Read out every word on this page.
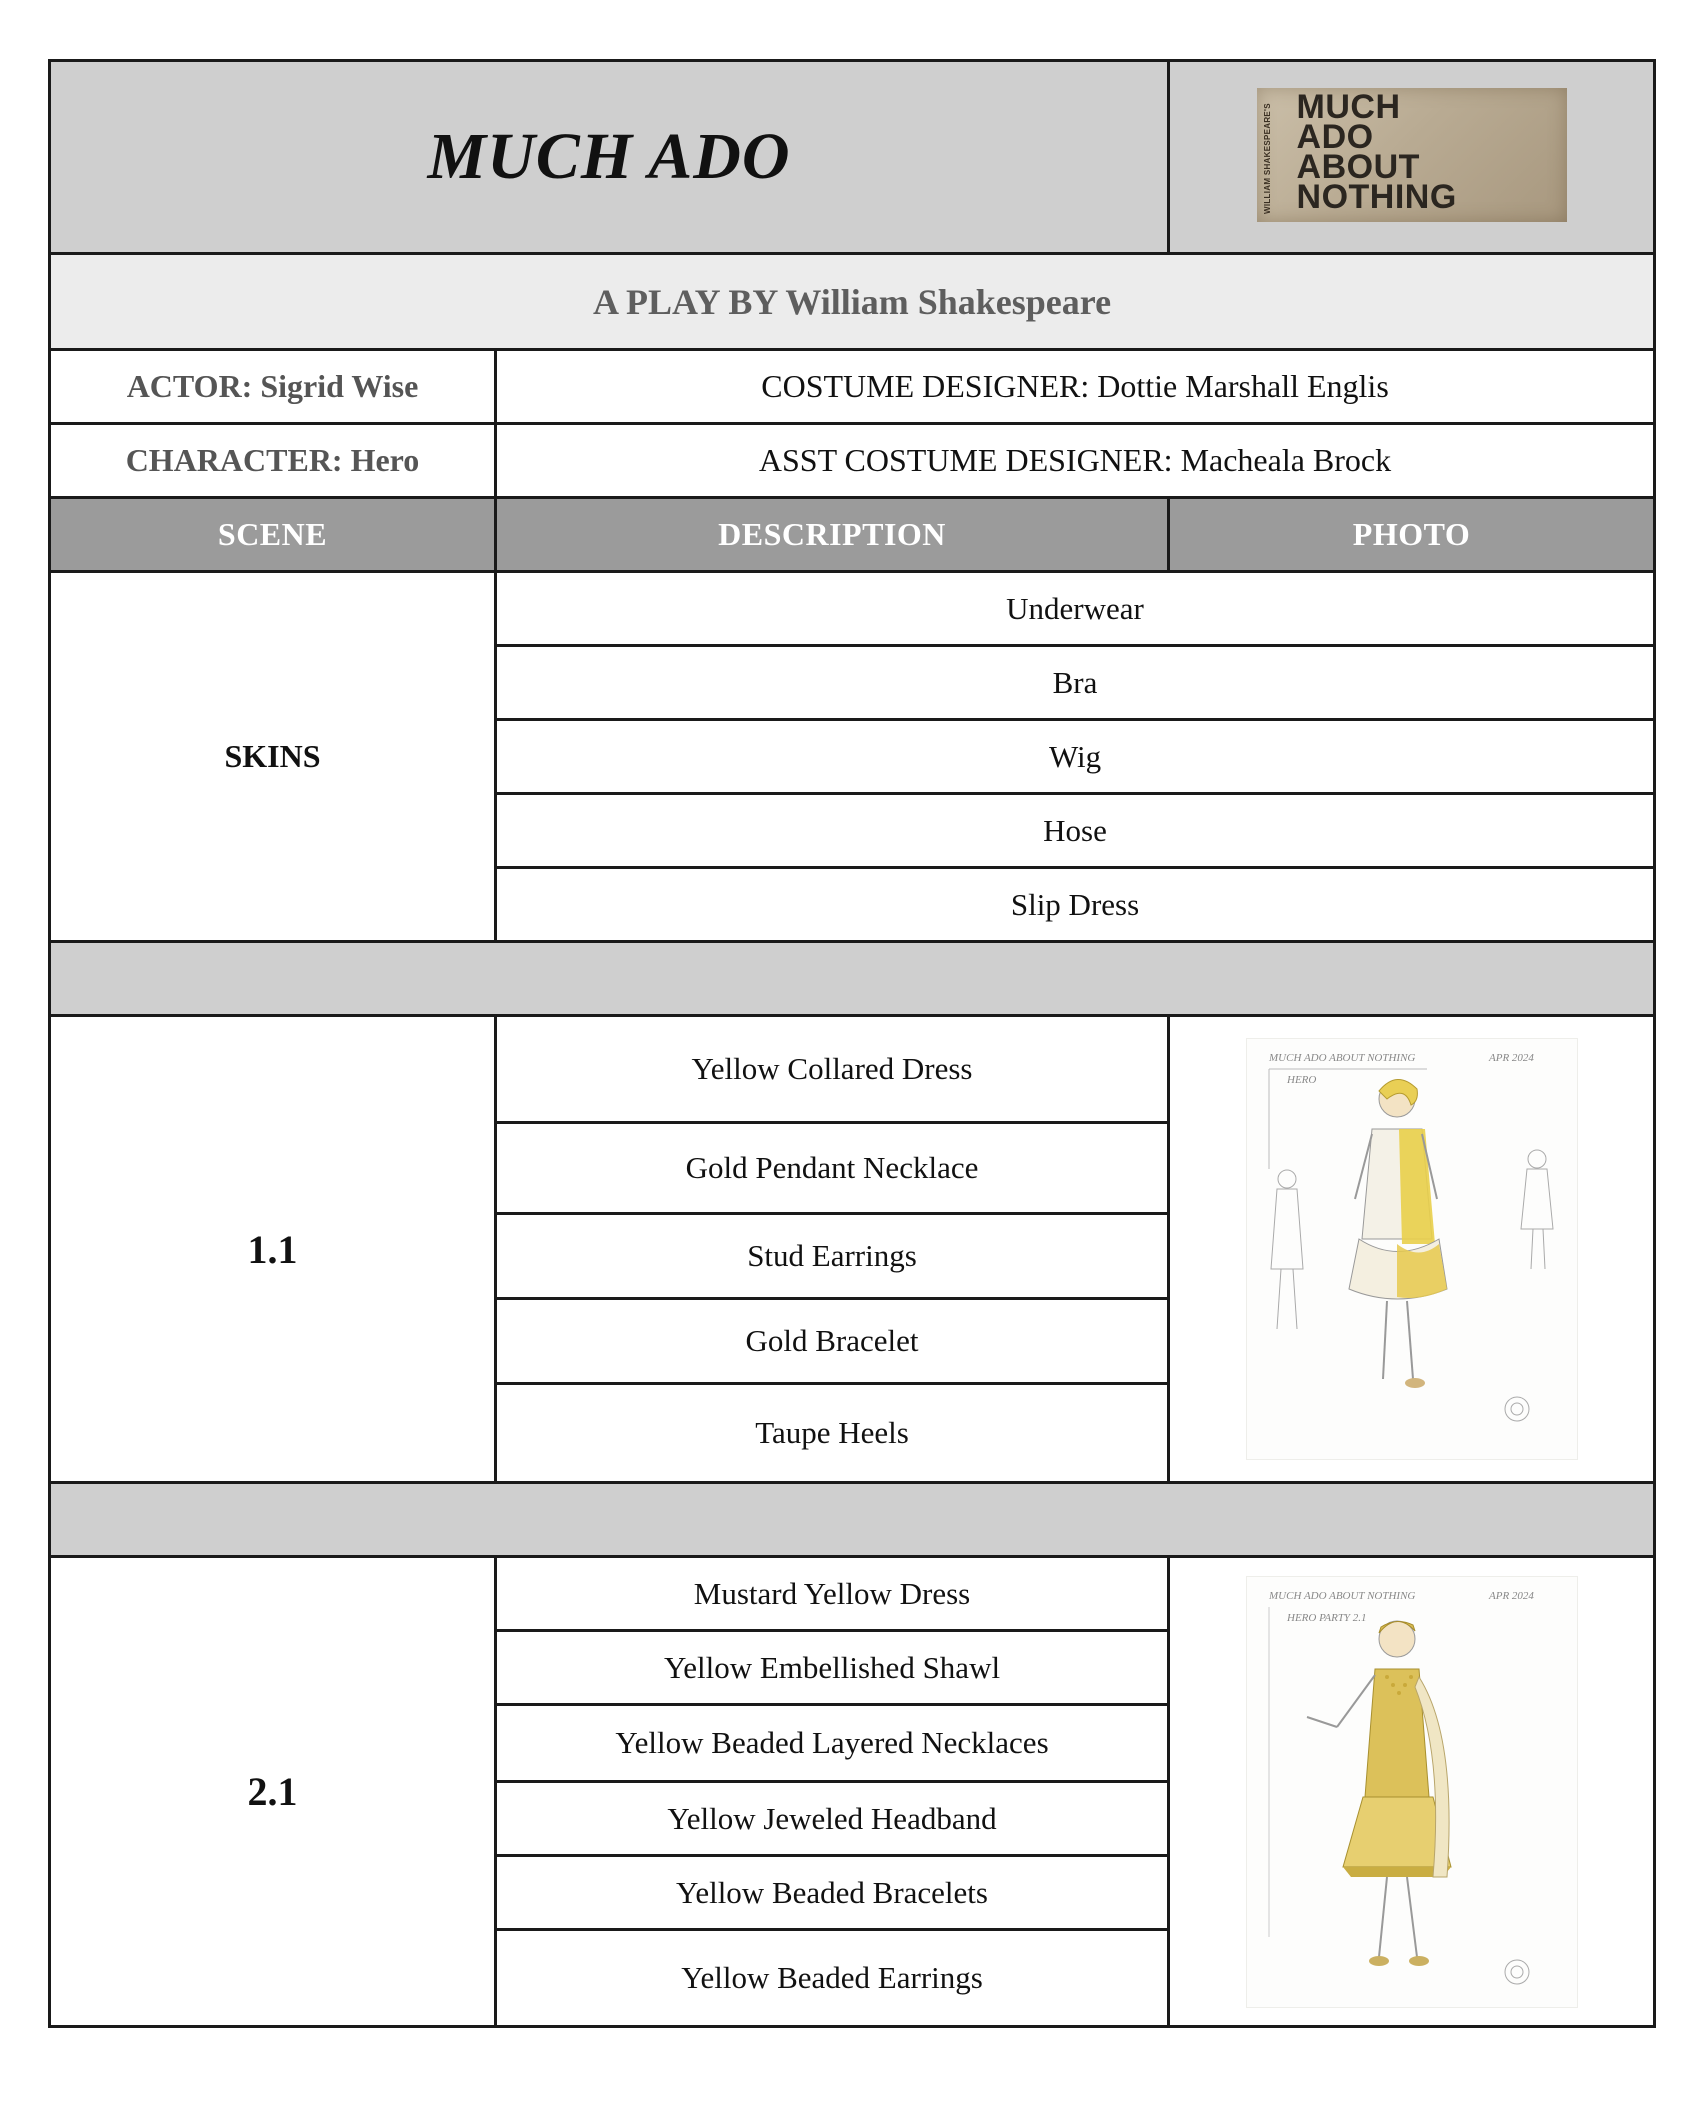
MUCH ADO		WILLIAM SHAKESPEARE'S MUCH
ADO
ABOUT
NOTHING

A PLAY BY William Shakespeare		
ACTOR: Sigrid Wise	COSTUME DESIGNER: Dottie Marshall Englis	
CHARACTER: Hero	ASST COSTUME DESIGNER: Macheala Brock	
SCENE	DESCRIPTION	PHOTO
SKINS	Underwear	
	Bra	
	Wig	
	Hose	
	Slip Dress	

1.1	Yellow Collared Dress	MUCH ADO ABOUT NOTHING APR 2024
HERO

	Gold Pendant Necklace	
	Stud Earrings	
	Gold Bracelet	
	Taupe Heels	

2.1	Mustard Yellow Dress	MUCH ADO ABOUT NOTHING APR 2024
HERO PARTY 2.1

	Yellow Embellished Shawl	
	Yellow Beaded Layered Necklaces	
	Yellow Jeweled Headband	
	Yellow Beaded Bracelets	
	Yellow Beaded Earrings	
